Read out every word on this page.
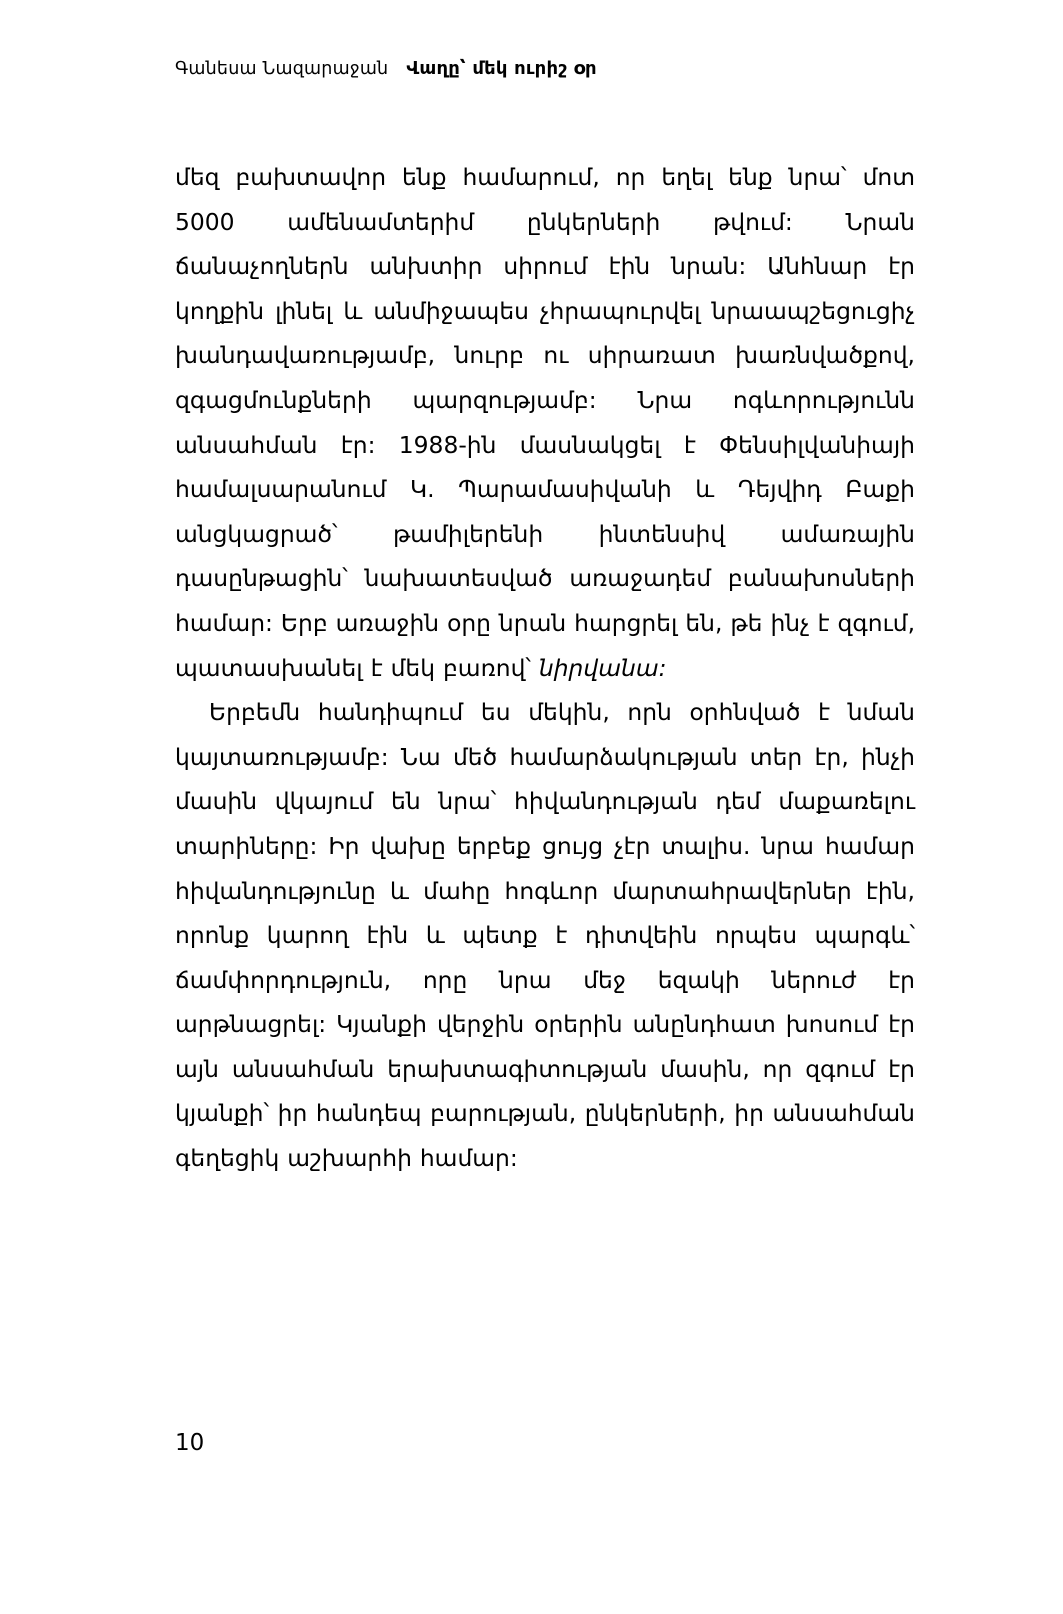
Գանեսա Նազարաջան Վաղը՝ մեկ ուրիշ օր

մեզ բախտավոր ենք համարում, որ եղել ենք նրա՝ մոտ 5000 ամենամտերիմ ընկերների թվում: Նրան ճանաչողներն անխտիր սիրում էին նրան: Անհնար էր կողքին լինել և անմիջապես չհրապուրվել նրաապշեցուցիչ խանդավառությամբ, նուրբ ու սիրառատ խառնվածքով, զգացմունքների պարզությամբ: Նրա ոգևորությունն անսահման էր: 1988-ին մասնակցել է Փենսիլվանիայի համալսարանում Կ. Պարամասիվանի և Դեյվիդ Բաքի անցկացրած՝ թամիլերենի ինտենսիվ ամառային դասընթացին՝ նախատեսված առաջադեմ բանախոսների համար: Երբ առաջին օրը նրան հարցրել են, թե ինչ է զգում, պատասխանել է մեկ բառով՝ նիրվանա:

Երբեմն հանդիպում ես մեկին, որն օրհնված է նման կայտառությամբ: Նա մեծ համարձակության տեր էր, ինչի մասին վկայում են նրա՝ հիվանդության դեմ մաքառելու տարիները: Իր վախը երբեք ցույց չէր տալիս. նրա համար հիվանդությունը և մահը հոգևոր մարտահրավերներ էին, որոնք կարող էին և պետք է դիտվեին որպես պարգև՝ ճամփորդություն, որը նրա մեջ եզակի ներուժ էր արթնացրել: Կյանքի վերջին օրերին անընդհատ խոսում էր այն անսահման երախտագիտության մասին, որ զգում էր կյանքի՝ իր հանդեպ բարության, ընկերների, իր անսահման գեղեցիկ աշխարհի համար:

10
